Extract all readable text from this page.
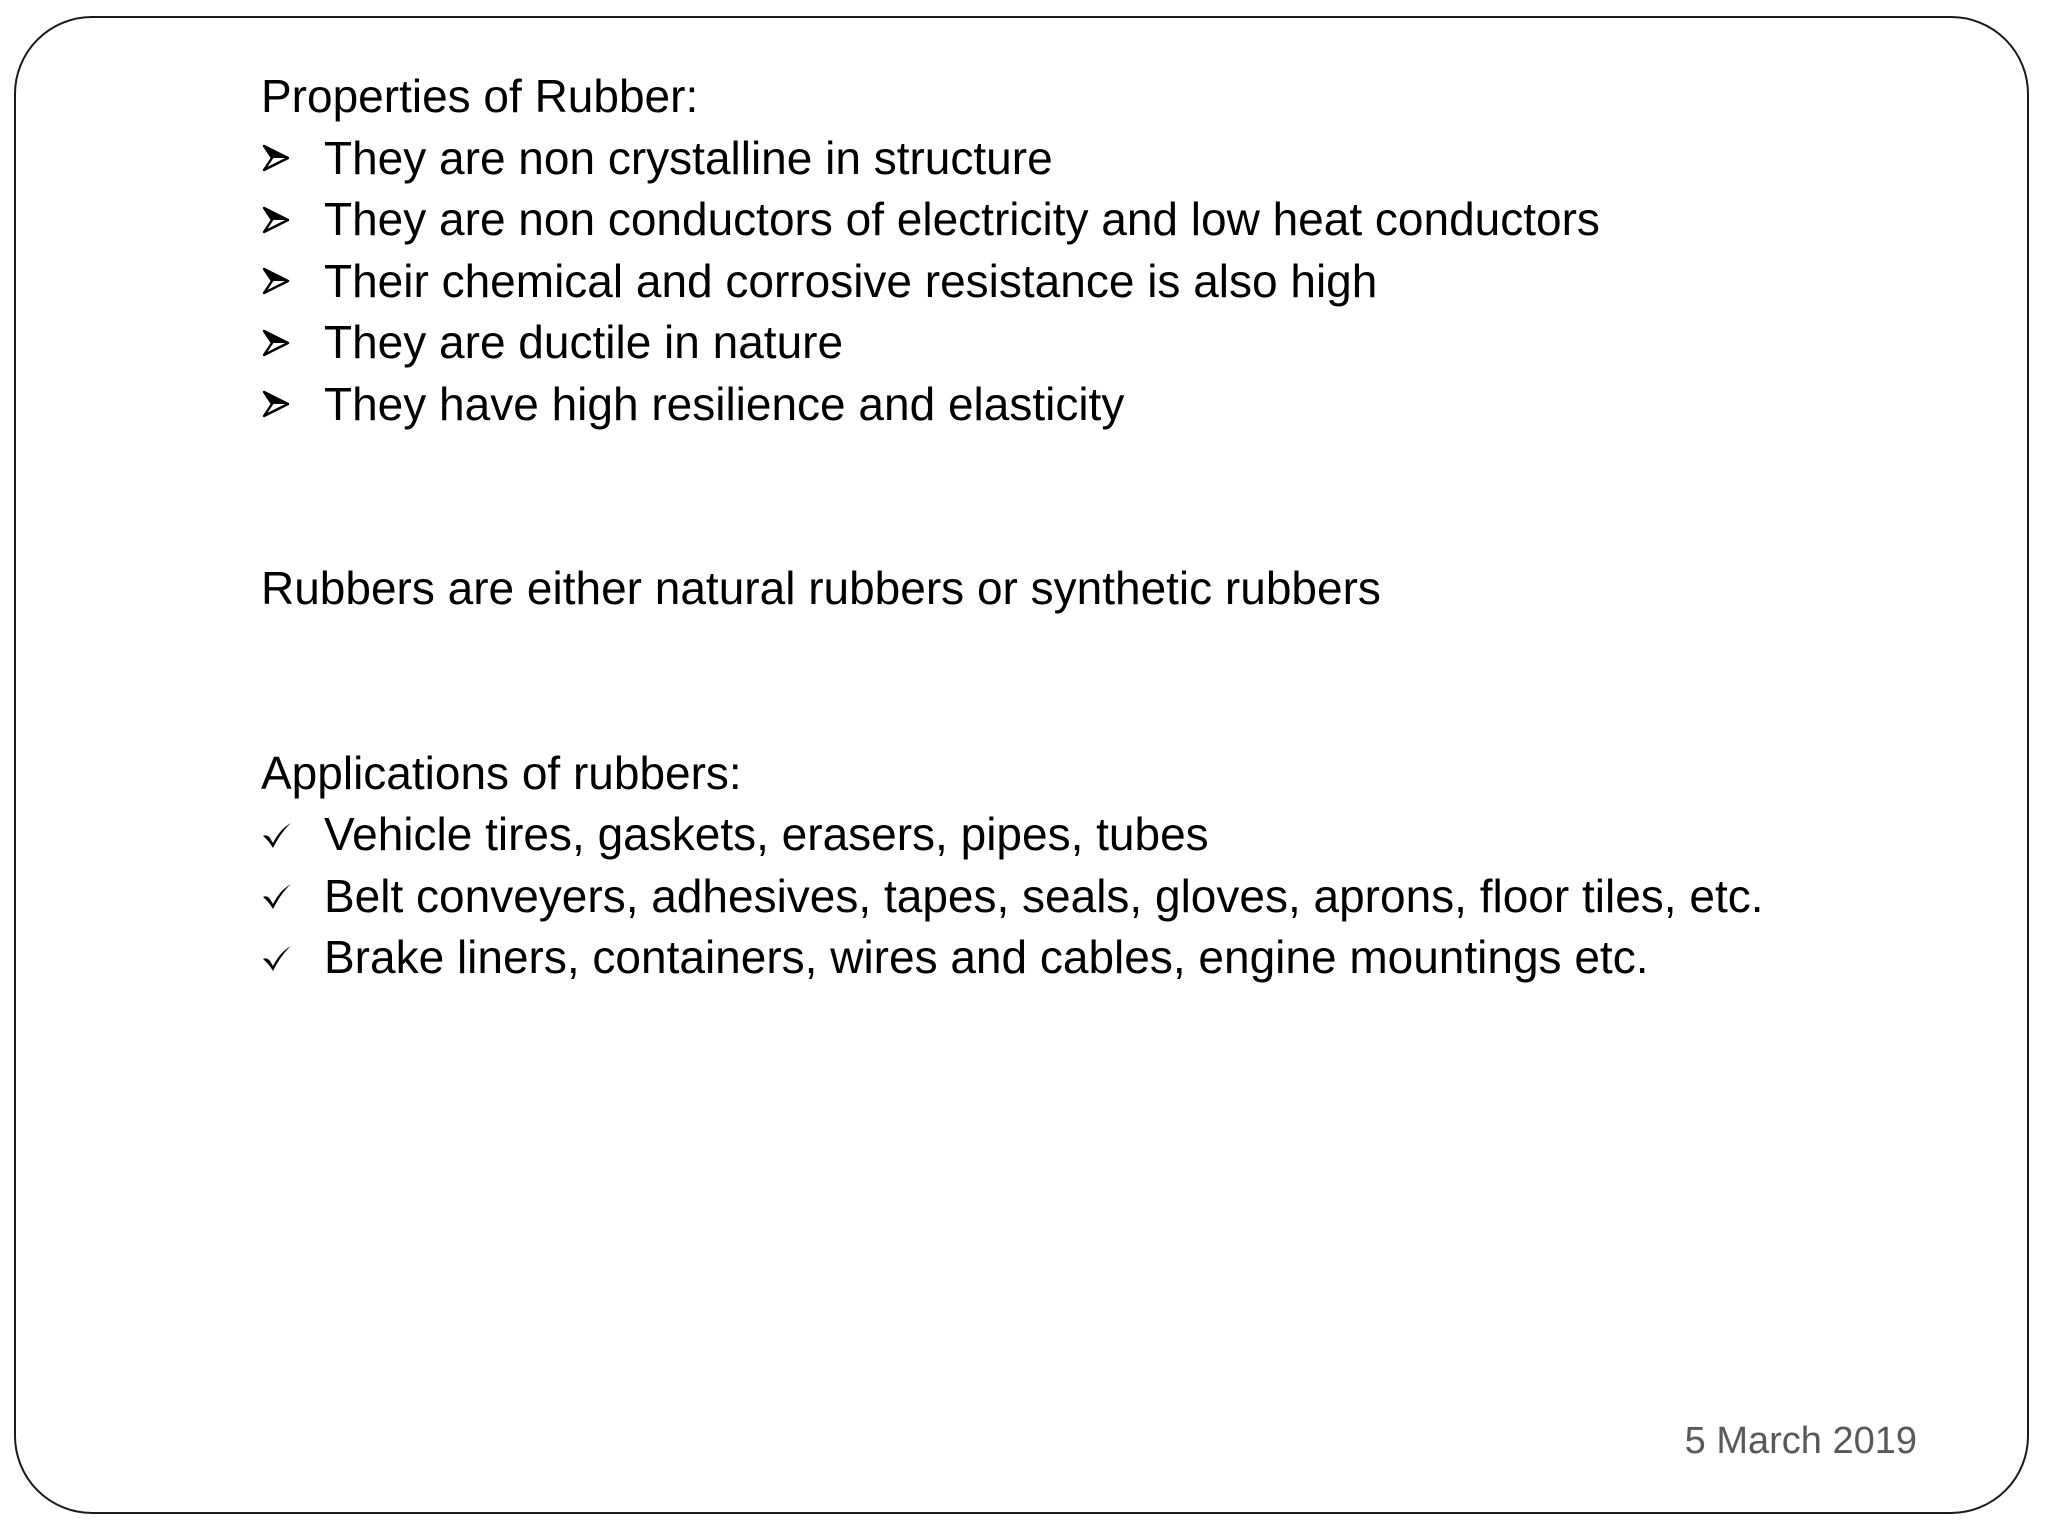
Properties of Rubber:
They are non crystalline in structure
They are non conductors of electricity and low heat conductors
Their chemical and corrosive resistance is also high
They are ductile in nature
They have high resilience and elasticity
Rubbers are either natural rubbers or synthetic rubbers
Applications of rubbers:
Vehicle tires, gaskets, erasers, pipes, tubes
Belt conveyers, adhesives, tapes, seals, gloves, aprons, floor tiles, etc.
Brake liners, containers, wires and cables, engine mountings etc.
5 March 2019
